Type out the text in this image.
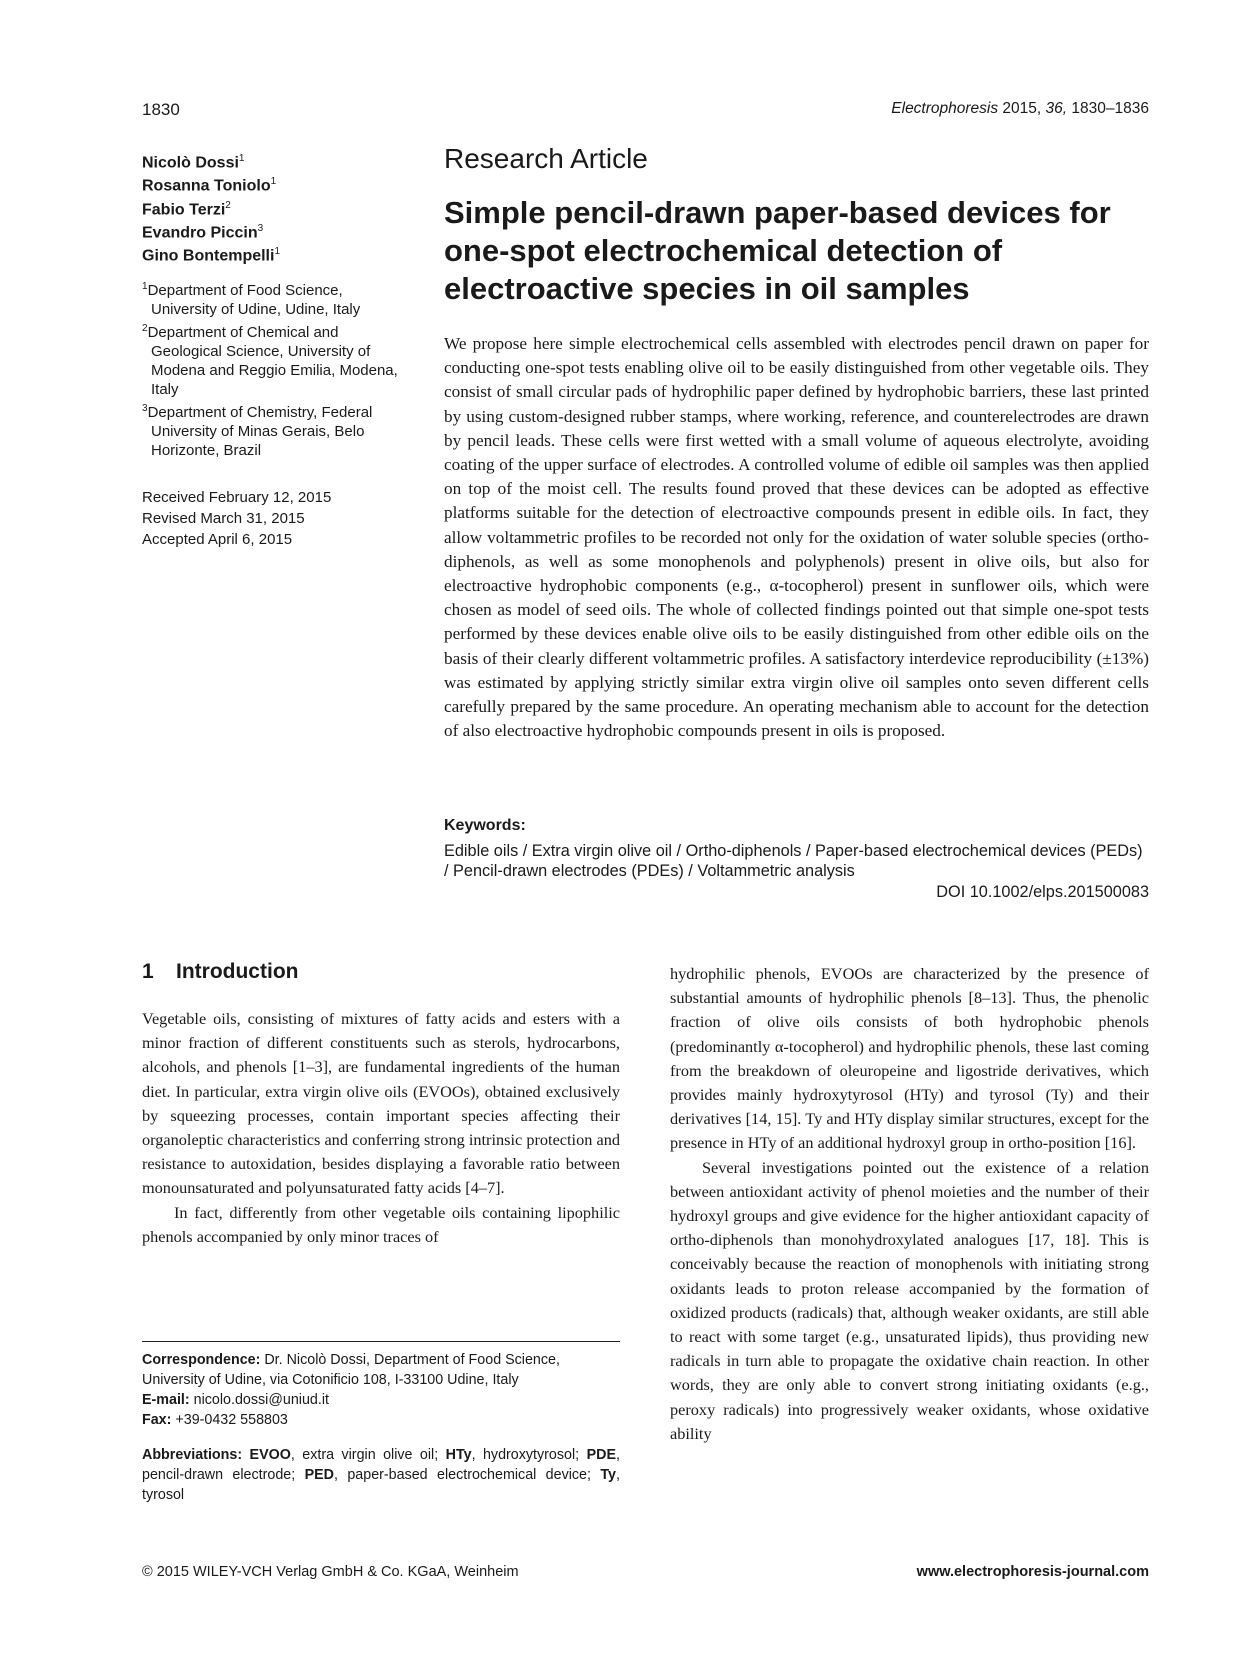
1830	Electrophoresis 2015, 36, 1830–1836
Nicolò Dossi$^1$
Rosanna Toniolo$^1$
Fabio Terzi$^2$
Evandro Piccin$^3$
Gino Bontempelli$^1$
$^1$Department of Food Science, University of Udine, Udine, Italy
$^2$Department of Chemical and Geological Science, University of Modena and Reggio Emilia, Modena, Italy
$^3$Department of Chemistry, Federal University of Minas Gerais, Belo Horizonte, Brazil
Received February 12, 2015
Revised March 31, 2015
Accepted April 6, 2015
Research Article
Simple pencil-drawn paper-based devices for one-spot electrochemical detection of electroactive species in oil samples
We propose here simple electrochemical cells assembled with electrodes pencil drawn on paper for conducting one-spot tests enabling olive oil to be easily distinguished from other vegetable oils. They consist of small circular pads of hydrophilic paper defined by hydrophobic barriers, these last printed by using custom-designed rubber stamps, where working, reference, and counterelectrodes are drawn by pencil leads. These cells were first wetted with a small volume of aqueous electrolyte, avoiding coating of the upper surface of electrodes. A controlled volume of edible oil samples was then applied on top of the moist cell. The results found proved that these devices can be adopted as effective platforms suitable for the detection of electroactive compounds present in edible oils. In fact, they allow voltammetric profiles to be recorded not only for the oxidation of water soluble species (ortho-diphenols, as well as some monophenols and polyphenols) present in olive oils, but also for electroactive hydrophobic components (e.g., α-tocopherol) present in sunflower oils, which were chosen as model of seed oils. The whole of collected findings pointed out that simple one-spot tests performed by these devices enable olive oils to be easily distinguished from other edible oils on the basis of their clearly different voltammetric profiles. A satisfactory interdevice reproducibility (±13%) was estimated by applying strictly similar extra virgin olive oil samples onto seven different cells carefully prepared by the same procedure. An operating mechanism able to account for the detection of also electroactive hydrophobic compounds present in oils is proposed.
Keywords:
Edible oils / Extra virgin olive oil / Ortho-diphenols / Paper-based electrochemical devices (PEDs) / Pencil-drawn electrodes (PDEs) / Voltammetric analysis
DOI 10.1002/elps.201500083
1 Introduction

Vegetable oils, consisting of mixtures of fatty acids and esters with a minor fraction of different constituents such as sterols, hydrocarbons, alcohols, and phenols [1–3], are fundamental ingredients of the human diet. In particular, extra virgin olive oils (EVOOs), obtained exclusively by squeezing processes, contain important species affecting their organoleptic characteristics and conferring strong intrinsic protection and resistance to autoxidation, besides displaying a favorable ratio between monounsaturated and polyunsaturated fatty acids [4–7].

In fact, differently from other vegetable oils containing lipophilic phenols accompanied by only minor traces of

hydrophilic phenols, EVOOs are characterized by the presence of substantial amounts of hydrophilic phenols [8–13]. Thus, the phenolic fraction of olive oils consists of both hydrophobic phenols (predominantly α-tocopherol) and hydrophilic phenols, these last coming from the breakdown of oleuropeine and ligostride derivatives, which provides mainly hydroxytyrosol (HTy) and tyrosol (Ty) and their derivatives [14, 15]. Ty and HTy display similar structures, except for the presence in HTy of an additional hydroxyl group in ortho-position [16].

Several investigations pointed out the existence of a relation between antioxidant activity of phenol moieties and the number of their hydroxyl groups and give evidence for the higher antioxidant capacity of ortho-diphenols than monohydroxylated analogues [17, 18]. This is conceivably because the reaction of monophenols with initiating strong oxidants leads to proton release accompanied by the formation of oxidized products (radicals) that, although weaker oxidants, are still able to react with some target (e.g., unsaturated lipids), thus providing new radicals in turn able to propagate the oxidative chain reaction. In other words, they are only able to convert strong initiating oxidants (e.g., peroxy radicals) into progressively weaker oxidants, whose oxidative ability

Correspondence: Dr. Nicolò Dossi, Department of Food Science, University of Udine, via Cotonificio 108, I-33100 Udine, Italy
E-mail: nicolo.dossi@uniud.it
Fax: +39-0432 558803
Abbreviations: EVOO, extra virgin olive oil; HTy, hydroxytyrosol; PDE, pencil-drawn electrode; PED, paper-based electrochemical device; Ty, tyrosol
© 2015 WILEY-VCH Verlag GmbH & Co. KGaA, Weinheim	www.electrophoresis-journal.com
